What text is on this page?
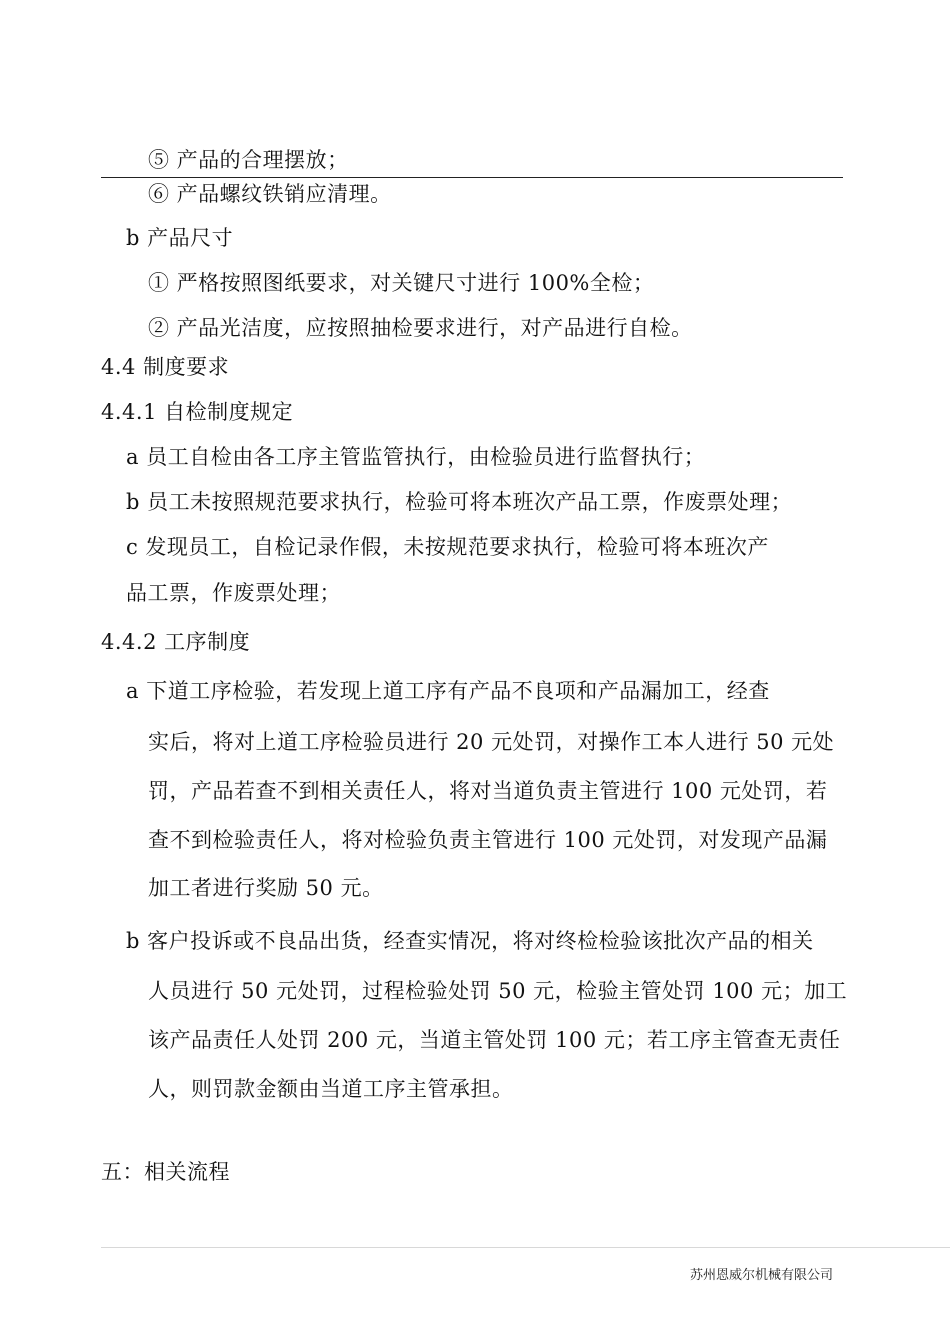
⑤ 产品的合理摆放；
⑥ 产品螺纹铁销应清理。
b 产品尺寸
① 严格按照图纸要求，对关键尺寸进行 100%全检；
② 产品光洁度，应按照抽检要求进行，对产品进行自检。
4.4 制度要求
4.4.1 自检制度规定
a 员工自检由各工序主管监管执行，由检验员进行监督执行；
b 员工未按照规范要求执行，检验可将本班次产品工票，作废票处理；
c 发现员工，自检记录作假，未按规范要求执行，检验可将本班次产
品工票，作废票处理；
4.4.2 工序制度
a 下道工序检验，若发现上道工序有产品不良项和产品漏加工，经查
实后，将对上道工序检验员进行 20 元处罚，对操作工本人进行 50 元处
罚，产品若查不到相关责任人，将对当道负责主管进行 100 元处罚，若
查不到检验责任人，将对检验负责主管进行 100 元处罚，对发现产品漏
加工者进行奖励 50 元。
b 客户投诉或不良品出货，经查实情况，将对终检检验该批次产品的相关
人员进行 50 元处罚，过程检验处罚 50 元，检验主管处罚 100 元；加工
该产品责任人处罚 200 元，当道主管处罚 100 元；若工序主管查无责任
人，则罚款金额由当道工序主管承担。
五：相关流程
苏州恩威尔机械有限公司
